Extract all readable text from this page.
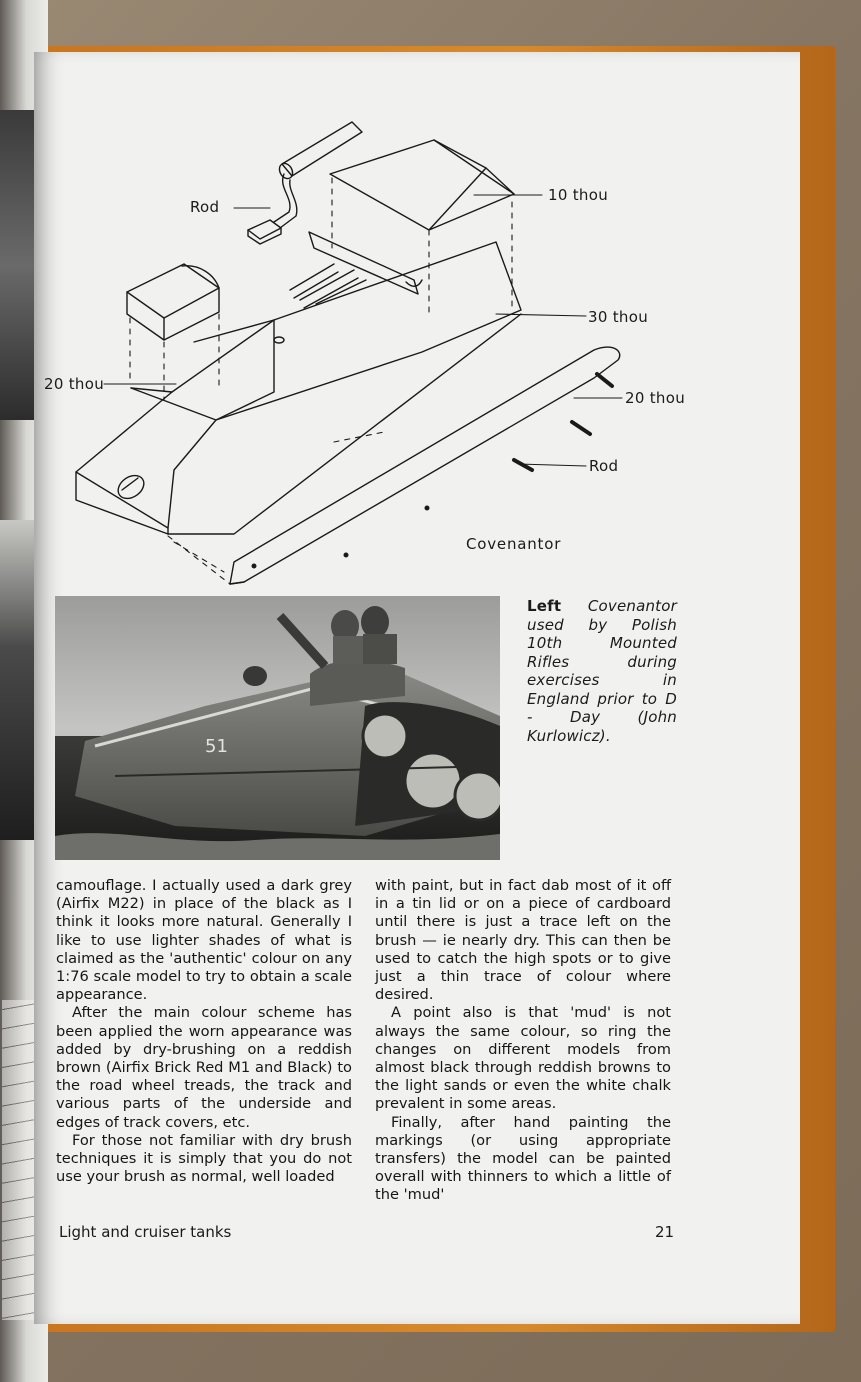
Rod
10 thou
30 thou
20 thou
20 thou
Rod
Covenantor
51
Left Covenantor used by Polish 10th Mounted Rifles during exercises in England prior to D - Day (John Kurlowicz).

camouflage. I actually used a dark grey (Airfix M22) in place of the black as I think it looks more natural. Generally I like to use lighter shades of what is claimed as the 'authentic' colour on any 1:76 scale model to try to obtain a scale appearance.

After the main colour scheme has been applied the worn appearance was added by dry-brushing on a reddish brown (Airfix Brick Red M1 and Black) to the road wheel treads, the track and various parts of the underside and edges of track covers, etc.

For those not familiar with dry brush techniques it is simply that you do not use your brush as normal, well loaded

with paint, but in fact dab most of it off in a tin lid or on a piece of cardboard until there is just a trace left on the brush — ie nearly dry. This can then be used to catch the high spots or to give just a thin trace of colour where desired.

A point also is that 'mud' is not always the same colour, so ring the changes on different models from almost black through reddish browns to the light sands or even the white chalk prevalent in some areas.

Finally, after hand painting the markings (or using appropriate transfers) the model can be painted overall with thinners to which a little of the 'mud'

Light and cruiser tanks	21
